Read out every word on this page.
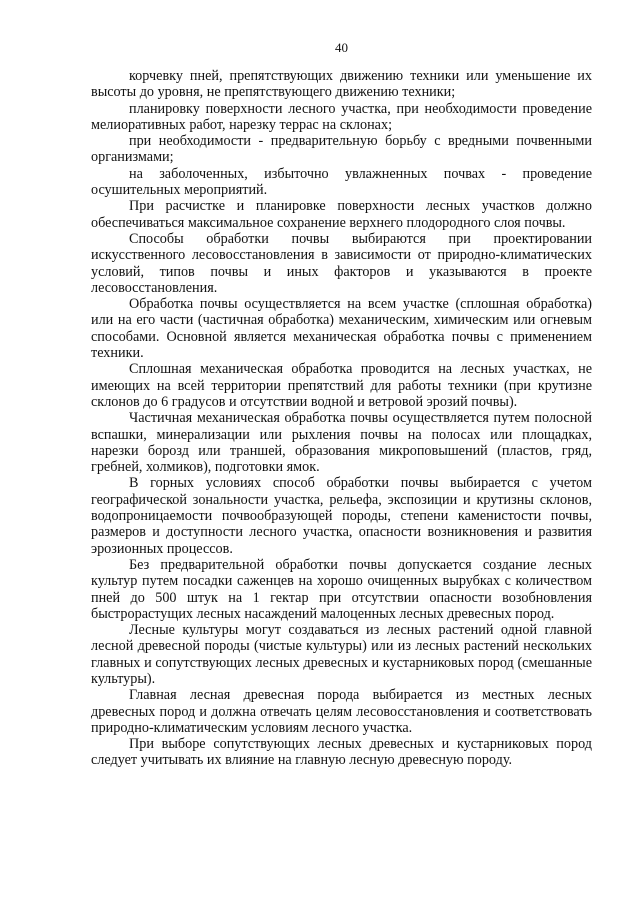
40

корчевку пней, препятствующих движению техники или уменьшение их высоты до уровня, не препятствующего движению техники;

планировку поверхности лесного участка, при необходимости проведение мелиоративных работ, нарезку террас на склонах;

при необходимости - предварительную борьбу с вредными почвенными организмами;

на заболоченных, избыточно увлажненных почвах - проведение осушительных мероприятий.

При расчистке и планировке поверхности лесных участков должно обеспечиваться максимальное сохранение верхнего плодородного слоя почвы.

Способы обработки почвы выбираются при проектировании искусственного лесовосстановления в зависимости от природно-климатических условий, типов почвы и иных факторов и указываются в проекте лесовосстановления.

Обработка почвы осуществляется на всем участке (сплошная обработка) или на его части (частичная обработка) механическим, химическим или огневым способами. Основной является механическая обработка почвы с применением техники.

Сплошная механическая обработка проводится на лесных участках, не имеющих на всей территории препятствий для работы техники (при крутизне склонов до 6 градусов и отсутствии водной и ветровой эрозий почвы).

Частичная механическая обработка почвы осуществляется путем полосной вспашки, минерализации или рыхления почвы на полосах или площадках, нарезки борозд или траншей, образования микроповышений (пластов, гряд, гребней, холмиков), подготовки ямок.

В горных условиях способ обработки почвы выбирается с учетом географической зональности участка, рельефа, экспозиции и крутизны склонов, водопроницаемости почвообразующей породы, степени каменистости почвы, размеров и доступности лесного участка, опасности возникновения и развития эрозионных процессов.

Без предварительной обработки почвы допускается создание лесных культур путем посадки саженцев на хорошо очищенных вырубках с количеством пней до 500 штук на 1 гектар при отсутствии опасности возобновления быстрорастущих лесных насаждений малоценных лесных древесных пород.

Лесные культуры могут создаваться из лесных растений одной главной лесной древесной породы (чистые культуры) или из лесных растений нескольких главных и сопутствующих лесных древесных и кустарниковых пород (смешанные культуры).

Главная лесная древесная порода выбирается из местных лесных древесных пород и должна отвечать целям лесовосстановления и соответствовать природно-климатическим условиям лесного участка.

При выборе сопутствующих лесных древесных и кустарниковых пород следует учитывать их влияние на главную лесную древесную породу.
